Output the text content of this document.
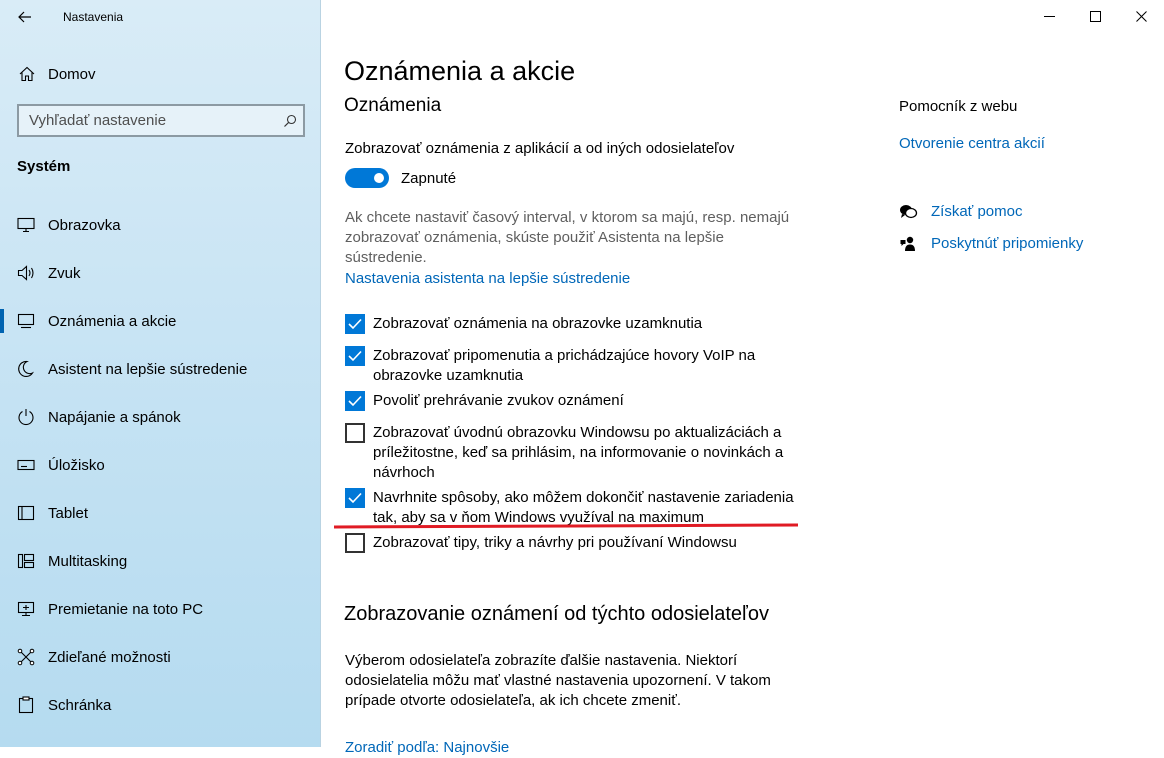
Nastavenia
Domov
Vyhľadať nastavenie
Systém
Obrazovka
Zvuk
Oznámenia a akcie
Asistent na lepšie sústredenie
Napájanie a spánok
Úložisko
Tablet
Multitasking
Premietanie na toto PC
Zdieľané možnosti
Schránka
Oznámenia a akcie
Oznámenia
Zobrazovať oznámenia z aplikácií a od iných odosielateľov
Zapnuté
Ak chcete nastaviť časový interval, v ktorom sa majú, resp. nemajú zobrazovať oznámenia, skúste použiť Asistenta na lepšie sústredenie.
Nastavenia asistenta na lepšie sústredenie
Zobrazovať oznámenia na obrazovke uzamknutia
Zobrazovať pripomenutia a prichádzajúce hovory VoIP na obrazovke uzamknutia
Povoliť prehrávanie zvukov oznámení
Zobrazovať úvodnú obrazovku Windowsu po aktualizáciách a príležitostne, keď sa prihlásim, na informovanie o novinkách a návrhoch
Navrhnite spôsoby, ako môžem dokončiť nastavenie zariadenia tak, aby sa v ňom Windows využíval na maximum
Zobrazovať tipy, triky a návrhy pri používaní Windowsu
Zobrazovanie oznámení od týchto odosielateľov
Výberom odosielateľa zobrazíte ďalšie nastavenia. Niektorí odosielatelia môžu mať vlastné nastavenia upozornení. V takom prípade otvorte odosielateľa, ak ich chcete zmeniť.
Zoradiť podľa: Najnovšie
Pomocník z webu
Otvorenie centra akcií
Získať pomoc
Poskytnúť pripomienky
